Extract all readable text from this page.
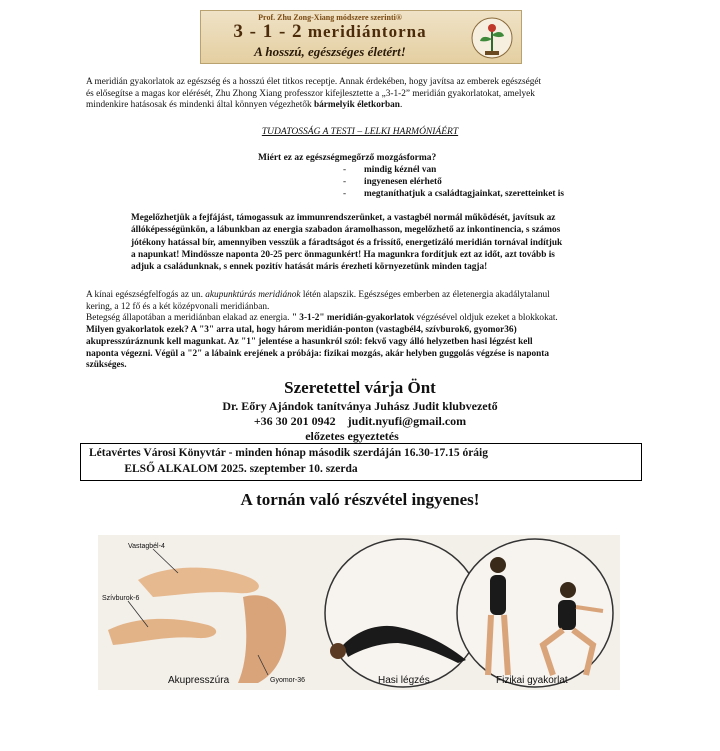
Prof. Zhu Zong-Xiang módszere szerinti®
3 - 1 - 2 meridiántorna
A hosszú, egészséges életért!
A meridián gyakorlatok az egészség és a hosszú élet titkos receptje. Annak érdekében, hogy javítsa az emberek egészségét
és elősegítse a magas kor elérését, Zhu Zhong Xiang professzor kifejlesztette a „3-1-2” meridián gyakorlatokat, amelyek
mindenkire hatásosak és mindenki által könnyen végezhetők bármelyik életkorban.
TUDATOSSÁG A TESTI – LELKI HARMÓNIÁÉRT
Miért ez az egészségmegőrző mozgásforma?
- mindig kéznél van
- ingyenesen elérhető
- megtaníthatjuk a családtagjainkat, szeretteinket is
Megelőzhetjük a fejfájást, támogassuk az immunrendszerünket, a vastagbél normál működését, javítsuk az
állóképességünkön, a lábunkban az energia szabadon áramolhasson, megelőzhető az inkontinencia, s számos
jótékony hatással bír, amennyiben vesszük a fáradtságot és a frissítő, energetizáló meridián tornával indítjuk
a napunkat! Mindössze naponta 20-25 perc önmagunkért! Ha magunkra fordítjuk ezt az időt, azt tovább is
adjuk a családunknak, s ennek pozitív hatását máris érezheti környezetünk minden tagja!
A kínai egészségfelfogás az un. akupunktúrás meridiánok létén alapszik. Egészséges emberben az életenergia akadálytalanul
kering, a 12 fő és a két középvonali meridiánban.
Betegség állapotában a meridiánban elakad az energia. " 3-1-2" meridián-gyakorlatok végzésével oldjuk ezeket a blokkokat.
Milyen gyakorlatok ezek? A "3" arra utal, hogy három meridián-ponton (vastagbél4, szívburok6, gyomor36)
akupresszúráznunk kell magunkat. Az "1" jelentése a hasunkról szól: fekvő vagy álló helyzetben hasi légzést kell
naponta végezni. Végül a "2" a lábaink erejének a próbája: fizikai mozgás, akár helyben guggolás végzése is naponta
szükséges.
Szeretettel várja Önt
Dr. Eőry Ajándok tanítványa Juhász Judit klubvezető
+36 30 201 0942 judit.nyufi@gmail.com
előzetes egyeztetés
Létavértes Városi Könyvtár - minden hónap második szerdáján 16.30-17.15 óráig
ELSŐ ALKALOM 2025. szeptember 10. szerda
A tornán való részvétel ingyenes!
Vastagbél-4
Szívburok-6
Gyomor-36
Akupresszúra	Hasi légzés	Fizikai gyakorlat
